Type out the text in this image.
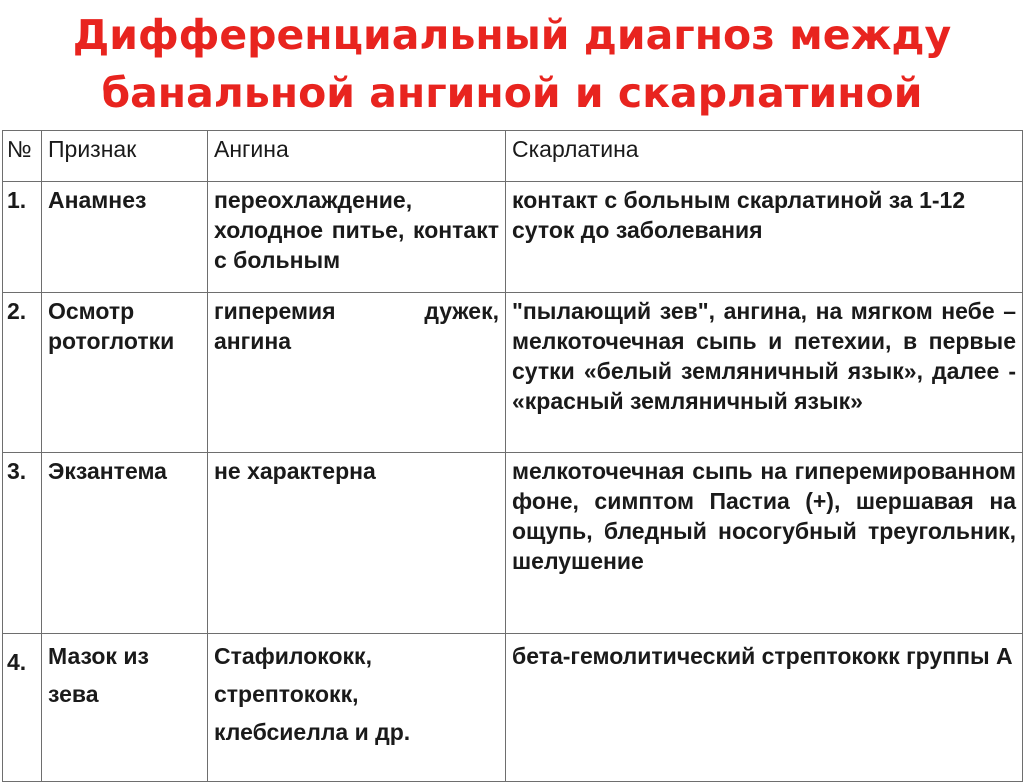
Дифференциальный диагноз между
банальной ангиной и скарлатиной
№	Признак	Ангина	Скарлатина
1.	Анамнез	переохлаждение, холодное питье, контакт с больным	контакт с больным скарлатиной за 1-12 суток до заболевания
2.	Осмотр ротоглотки	гиперемия дужек, ангина	"пылающий зев", ангина, на мягком небе – мелкоточечная сыпь и петехии, в первые сутки «белый земляничный язык», далее - «красный земляничный язык»
3.	Экзантема	не характерна	мелкоточечная сыпь на гиперемированном фоне, симптом Пастиа (+), шершавая на ощупь, бледный носогубный треугольник, шелушение
4.	Мазок из зева	Стафилококк, стрептококк, клебсиелла и др.	бета-гемолитический стрептококк группы А
